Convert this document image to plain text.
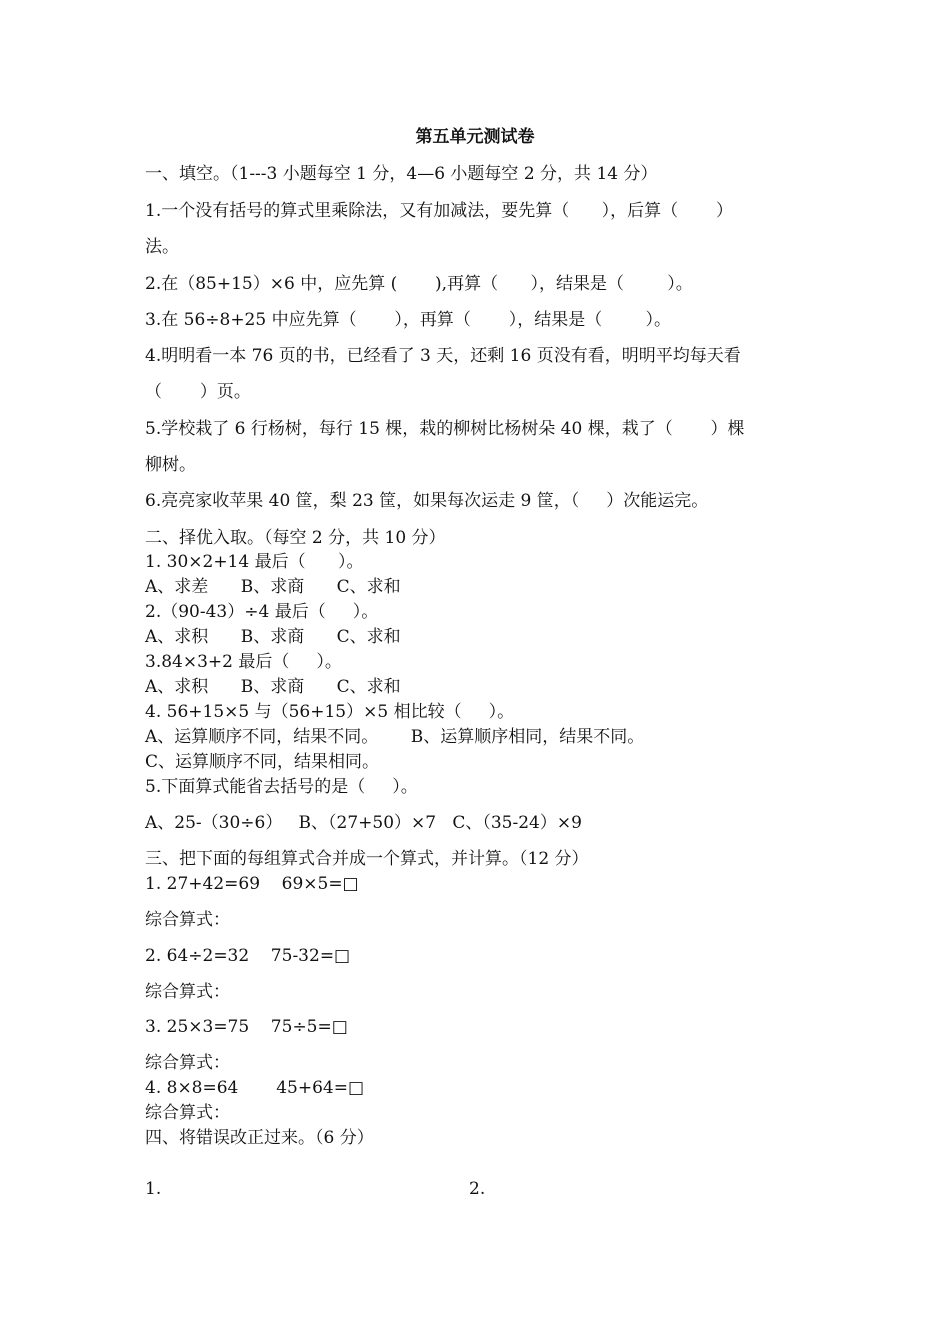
第五单元测试卷
一、填空。（1---3 小题每空 1 分，4—6 小题每空 2 分，共 14 分）
1.一个没有括号的算式里乘除法，又有加减法，要先算（      ），后算（       ）
法。
2.在（85+15）×6 中，应先算 (       ),再算（      ），结果是（        ）。
3.在 56÷8+25 中应先算（       ），再算（       ），结果是（        ）。
4.明明看一本 76 页的书，已经看了 3 天，还剩 16 页没有看，明明平均每天看
（       ）页。
5.学校栽了 6 行杨树，每行 15 棵，栽的柳树比杨树朵 40 棵，栽了（       ）棵
柳树。
6.亮亮家收苹果 40 筐，梨 23 筐，如果每次运走 9 筐，（     ）次能运完。
二、择优入取。（每空 2 分，共 10 分）
1. 30×2+14 最后（      ）。
A、求差      B、求商      C、求和
2.（90-43）÷4 最后（     ）。
A、求积      B、求商      C、求和
3.84×3+2 最后（     ）。
A、求积      B、求商      C、求和
4. 56+15×5 与（56+15）×5 相比较（     ）。
A、运算顺序不同，结果不同。      B、运算顺序相同，结果不同。
C、运算顺序不同，结果相同。
5.下面算式能省去括号的是（     ）。
A、25-（30÷6）   B、（27+50）×7   C、（35-24）×9
三、把下面的每组算式合并成一个算式，并计算。（12 分）
1. 27+42=69    69×5=□
综合算式：
2. 64÷2=32    75-32=□
综合算式：
3. 25×3=75    75÷5=□
综合算式：
4. 8×8=64       45+64=□
综合算式：
四、将错误改正过来。（6 分）
1.	2.
